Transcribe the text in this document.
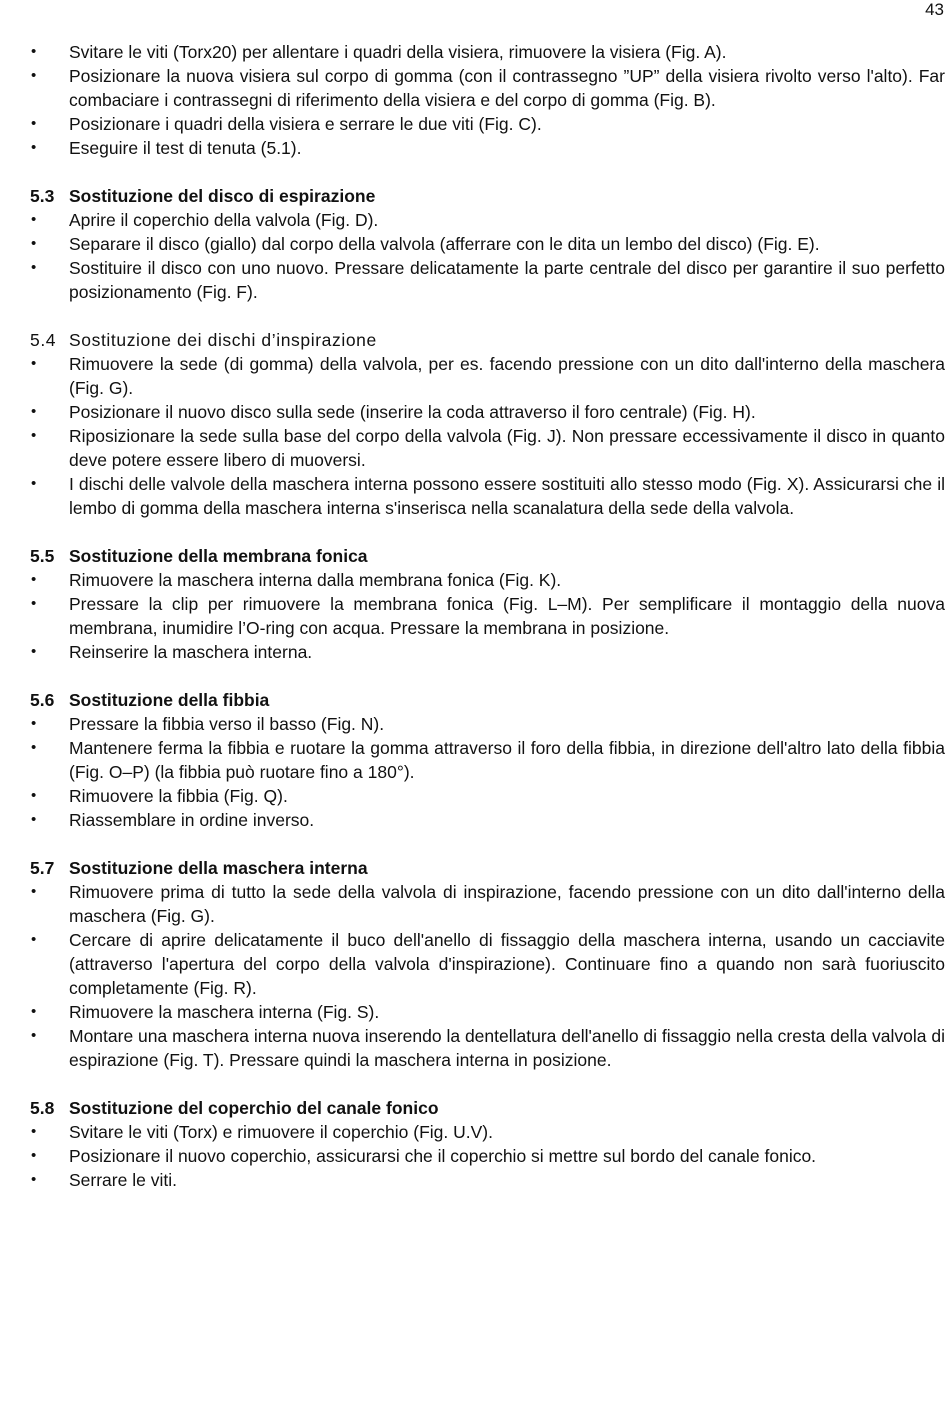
43
• Svitare le viti (Torx20) per allentare i quadri della visiera, rimuovere la visiera (Fig. A).
• Posizionare la nuova visiera sul corpo di gomma (con il contrassegno ”UP” della visiera rivolto verso l'alto). Far combaciare i contrassegni di riferimento della visiera e del corpo di gomma (Fig. B).
• Posizionare i quadri della visiera e serrare le due viti (Fig. C).
• Eseguire il test di tenuta (5.1).
5.3 Sostituzione del disco di espirazione
• Aprire il coperchio della valvola (Fig. D).
• Separare il disco (giallo) dal corpo della valvola (afferrare con le dita un lembo del disco) (Fig. E).
• Sostituire il disco con uno nuovo. Pressare delicatamente la parte centrale del disco per garantire il suo perfetto posizionamento (Fig. F).
5.4 Sostituzione dei dischi d’inspirazione
• Rimuovere la sede (di gomma) della valvola, per es. facendo pressione con un dito dall'interno della maschera (Fig. G).
• Posizionare il nuovo disco sulla sede (inserire la coda attraverso il foro centrale) (Fig. H).
• Riposizionare la sede sulla base del corpo della valvola (Fig. J). Non pressare eccessivamente il disco in quanto deve potere essere libero di muoversi.
• I dischi delle valvole della maschera interna possono essere sostituiti allo stesso modo (Fig. X). Assicurarsi che il lembo di gomma della maschera interna s'inserisca nella scanalatura della sede della valvola.
5.5 Sostituzione della membrana fonica
• Rimuovere la maschera interna dalla membrana fonica (Fig. K).
• Pressare la clip per rimuovere la membrana fonica (Fig. L–M). Per semplificare il montaggio della nuova membrana, inumidire l’O-ring con acqua. Pressare la membrana in posizione.
• Reinserire la maschera interna.
5.6 Sostituzione della fibbia
• Pressare la fibbia verso il basso (Fig. N).
• Mantenere ferma la fibbia e ruotare la gomma attraverso il foro della fibbia, in direzione dell'altro lato della fibbia (Fig. O–P) (la fibbia può ruotare fino a 180°).
• Rimuovere la fibbia (Fig. Q).
• Riassemblare in ordine inverso.
5.7 Sostituzione della maschera interna
• Rimuovere prima di tutto la sede della valvola di inspirazione, facendo pressione con un dito dall'interno della maschera (Fig. G).
• Cercare di aprire delicatamente il buco dell'anello di fissaggio della maschera interna, usando un cacciavite (attraverso l'apertura del corpo della valvola d'inspirazione). Continuare fino a quando non sarà fuoriuscito completamente (Fig. R).
• Rimuovere la maschera interna (Fig. S).
• Montare una maschera interna nuova inserendo la dentellatura dell'anello di fissaggio nella cresta della valvola di espirazione (Fig. T). Pressare quindi la maschera interna in posizione.
5.8 Sostituzione del coperchio del canale fonico
• Svitare le viti (Torx) e rimuovere il coperchio (Fig. U.V).
• Posizionare il nuovo coperchio, assicurarsi che il coperchio si mettre sul bordo del canale fonico.
• Serrare le viti.
